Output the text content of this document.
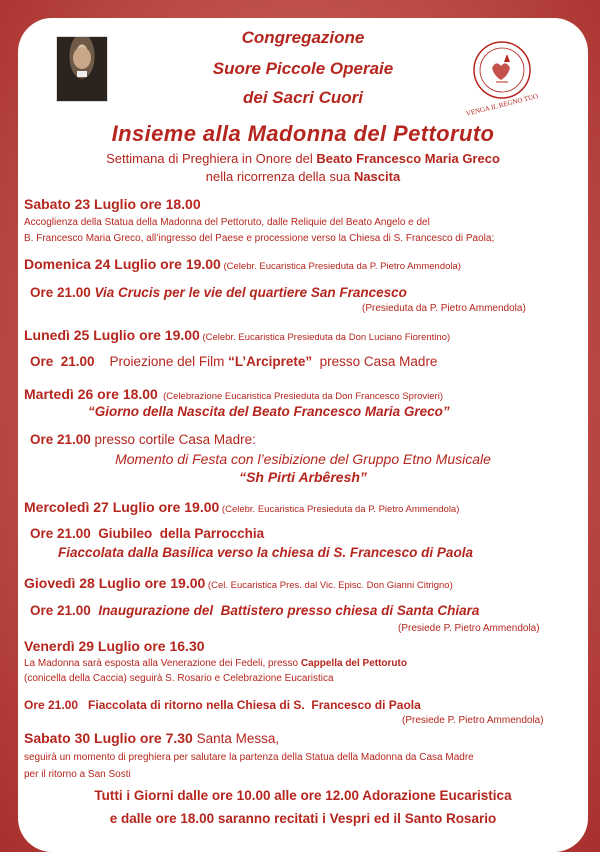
VENGA IL REGNO TUO
Congregazione
Suore Piccole Operaie
dei Sacri Cuori
Insieme alla Madonna del Pettoruto
Settimana di Preghiera in Onore del Beato Francesco Maria Greco
nella ricorrenza della sua Nascita
Sabato 23 Luglio ore 18.00
Accoglienza della Statua della Madonna del Pettoruto, dalle Reliquie del Beato Angelo e del
B. Francesco Maria Greco, all’ingresso del Paese e processione verso la Chiesa di S. Francesco di Paola;
Domenica 24 Luglio ore 19.00 (Celebr. Eucaristica Presieduta da P. Pietro Ammendola)
Ore 21.00 Via Crucis per le vie del quartiere San Francesco
(Presieduta da P. Pietro Ammendola)
Lunedì 25 Luglio ore 19.00 (Celebr. Eucaristica Presieduta da Don Luciano Fiorentino)
Ore  21.00    Proiezione del Film “L’Arciprete”  presso Casa Madre
Martedì 26 ore 18.00  (Celebrazione Eucaristica Presieduta da Don Francesco Sprovieri)
“Giorno della Nascita del Beato Francesco Maria Greco”
Ore 21.00 presso cortile Casa Madre:
Momento di Festa con l’esibizione del Gruppo Etno Musicale
“Sh Pirti Arbêresh”
Mercoledì 27 Luglio ore 19.00 (Celebr. Eucaristica Presieduta da P. Pietro Ammendola)
Ore 21.00  Giubileo  della Parrocchia
Fiaccolata dalla Basilica verso la chiesa di S. Francesco di Paola
Giovedì 28 Luglio ore 19.00 (Cel. Eucaristica Pres. dal Vic. Episc. Don Gianni Citrigno)
Ore 21.00  Inaugurazione del  Battistero presso chiesa di Santa Chiara
(Presiede P. Pietro Ammendola)
Venerdì 29 Luglio ore 16.30
La Madonna sarà esposta alla Venerazione dei Fedeli, presso Cappella del Pettoruto
(conicella della Caccia) seguirà S. Rosario e Celebrazione Eucaristica
Ore 21.00   Fiaccolata di ritorno nella Chiesa di S.  Francesco di Paola
(Presiede P. Pietro Ammendola)
Sabato 30 Luglio ore 7.30 Santa Messa,
seguirà un momento di preghiera per salutare la partenza della Statua della Madonna da Casa Madre
per il ritorno a San Sosti
Tutti i Giorni dalle ore 10.00 alle ore 12.00 Adorazione Eucaristica
e dalle ore 18.00 saranno recitati i Vespri ed il Santo Rosario
